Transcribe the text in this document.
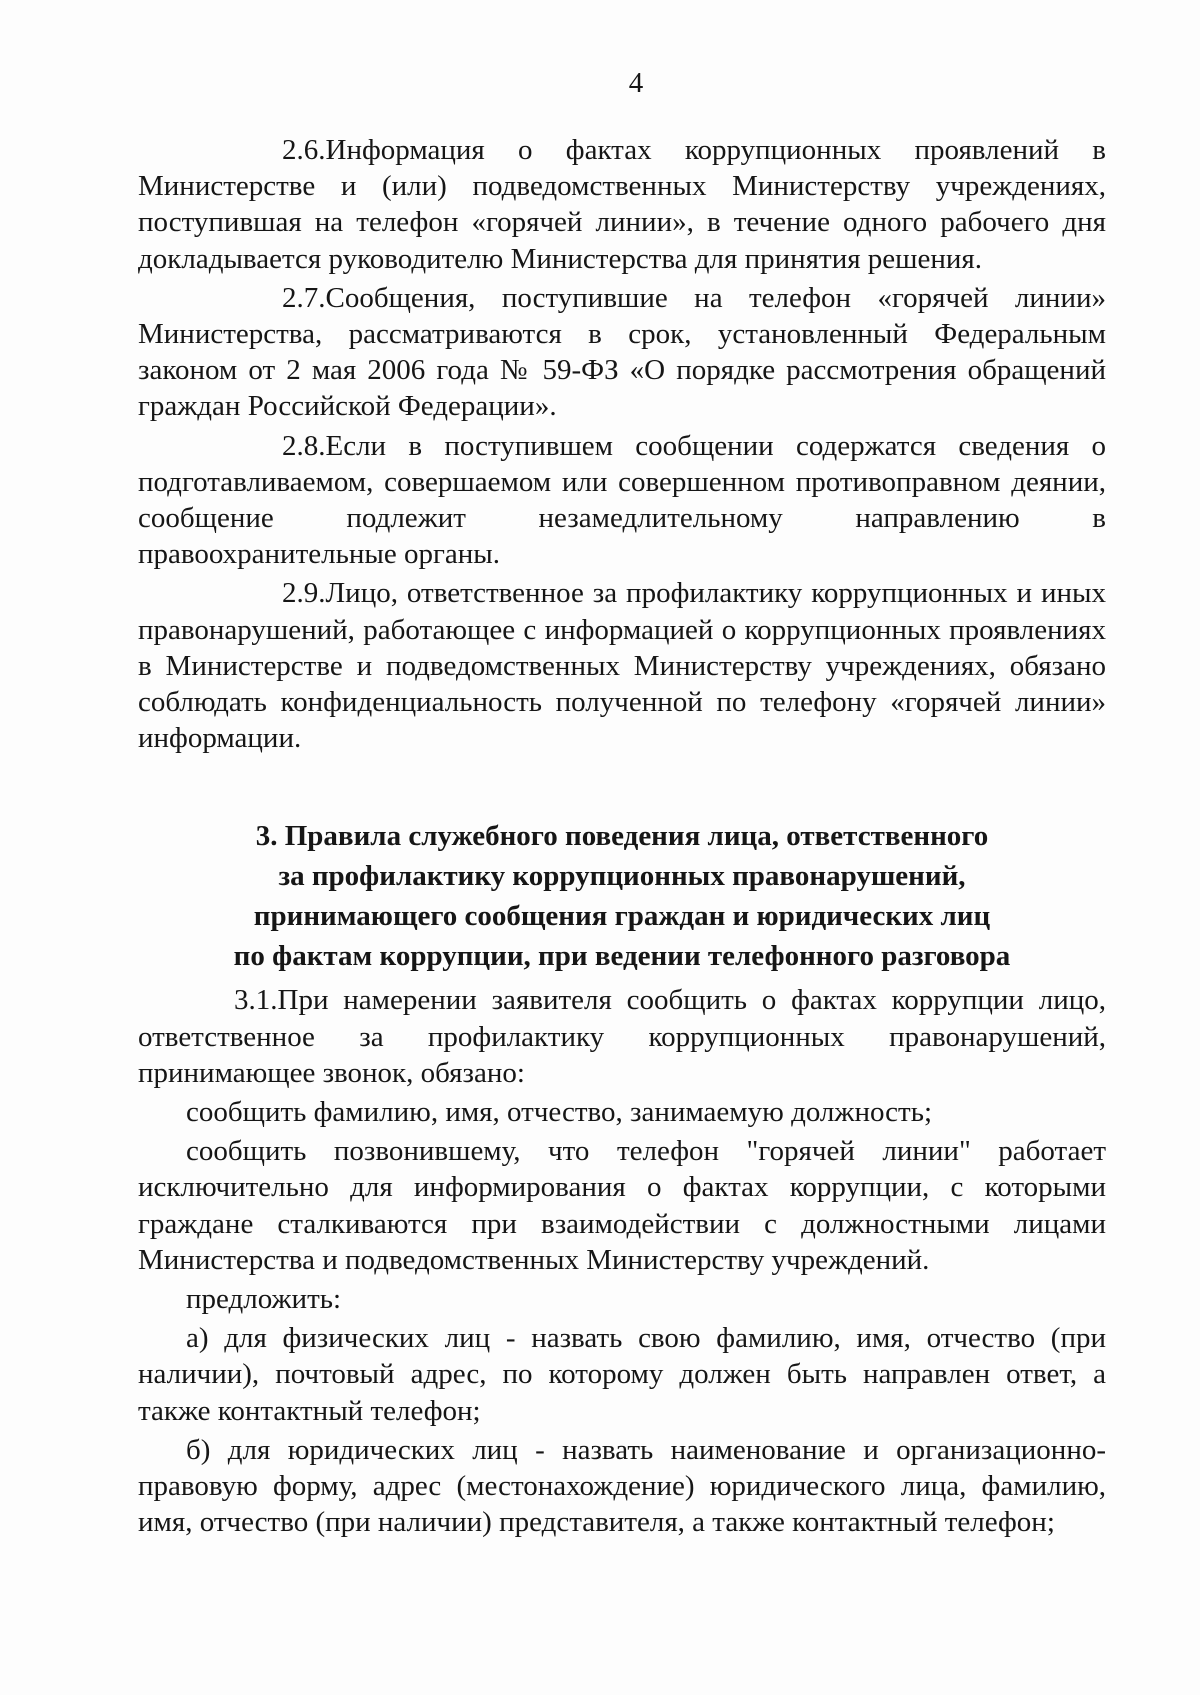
4

2.6.Информация о фактах коррупционных проявлений в Министерстве и (или) подведомственных Министерству учреждениях, поступившая на телефон «горячей линии», в течение одного рабочего дня докладывается руководителю Министерства для принятия решения.

2.7.Сообщения, поступившие на телефон «горячей линии» Министерства, рассматриваются в срок, установленный Федеральным законом от 2 мая 2006 года № 59-ФЗ «О порядке рассмотрения обращений граждан Российской Федерации».

2.8.Если в поступившем сообщении содержатся сведения о подготавливаемом, совершаемом или совершенном противоправном деянии, сообщение подлежит незамедлительному направлению в правоохранительные органы.

2.9.Лицо, ответственное за профилактику коррупционных и иных правонарушений, работающее с информацией о коррупционных проявлениях в Министерстве и подведомственных Министерству учреждениях, обязано соблюдать конфиденциальность полученной по телефону «горячей линии» информации.

3. Правила служебного поведения лица, ответственного
за профилактику коррупционных правонарушений,
принимающего сообщения граждан и юридических лиц
по фактам коррупции, при ведении телефонного разговора

3.1.При намерении заявителя сообщить о фактах коррупции лицо, ответственное за профилактику коррупционных правонарушений, принимающее звонок, обязано:

сообщить фамилию, имя, отчество, занимаемую должность;

сообщить позвонившему, что телефон "горячей линии" работает исключительно для информирования о фактах коррупции, с которыми граждане сталкиваются при взаимодействии с должностными лицами Министерства и подведомственных Министерству учреждений.

предложить:

а) для физических лиц - назвать свою фамилию, имя, отчество (при наличии), почтовый адрес, по которому должен быть направлен ответ, а также контактный телефон;

б) для юридических лиц - назвать наименование и организационно-правовую форму, адрес (местонахождение) юридического лица, фамилию, имя, отчество (при наличии) представителя, а также контактный телефон;
